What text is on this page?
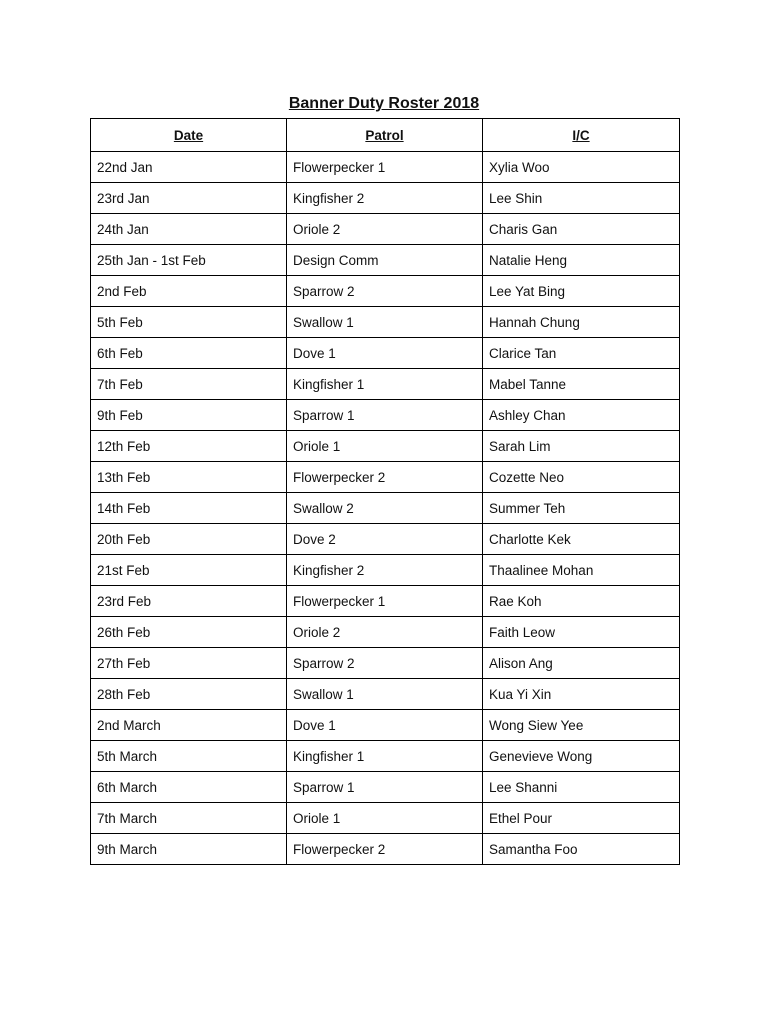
Banner Duty Roster 2018
Date	Patrol	I/C
22nd Jan	Flowerpecker 1	Xylia Woo
23rd Jan	Kingfisher 2	Lee Shin
24th Jan	Oriole 2	Charis Gan
25th Jan - 1st Feb	Design Comm	Natalie Heng
2nd Feb	Sparrow 2	Lee Yat Bing
5th Feb	Swallow 1	Hannah Chung
6th Feb	Dove 1	Clarice Tan
7th Feb	Kingfisher 1	Mabel Tanne
9th Feb	Sparrow 1	Ashley Chan
12th Feb	Oriole 1	Sarah Lim
13th Feb	Flowerpecker 2	Cozette Neo
14th Feb	Swallow 2	Summer Teh
20th Feb	Dove 2	Charlotte Kek
21st Feb	Kingfisher 2	Thaalinee Mohan
23rd Feb	Flowerpecker 1	Rae Koh
26th Feb	Oriole 2	Faith Leow
27th Feb	Sparrow 2	Alison Ang
28th Feb	Swallow 1	Kua Yi Xin
2nd March	Dove 1	Wong Siew Yee
5th March	Kingfisher 1	Genevieve Wong
6th March	Sparrow 1	Lee Shanni
7th March	Oriole 1	Ethel Pour
9th March	Flowerpecker 2	Samantha Foo
